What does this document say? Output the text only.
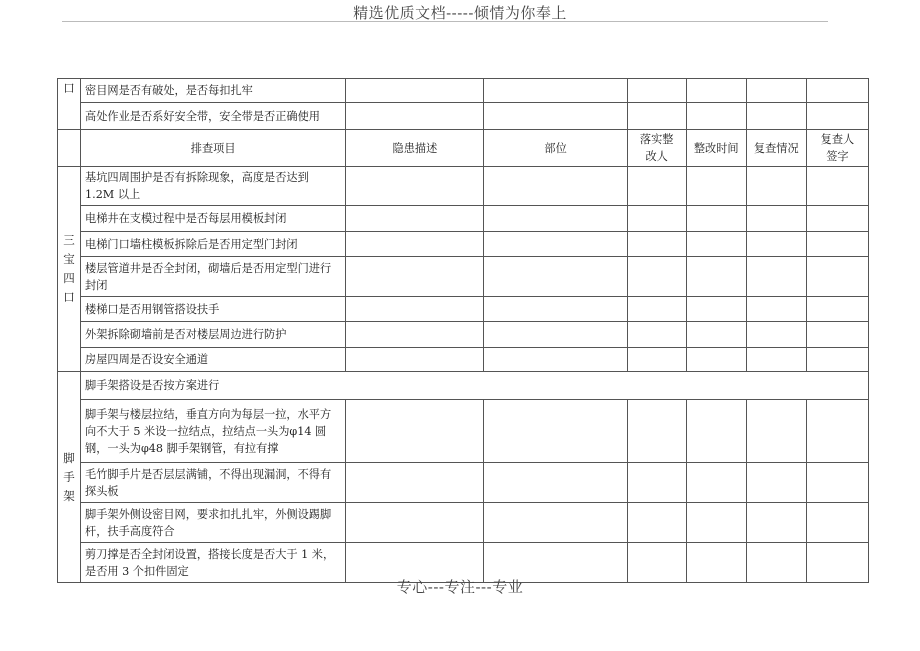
精选优质文档-----倾情为你奉上
口	密目网是否有破处，是否每扣扎牢						
	高处作业是否系好安全带，安全带是否正确使用						
	排查项目	隐患描述	部位	落实整改人	整改时间	复查情况	复查人签字
三宝四口	基坑四周围护是否有拆除现象，高度是否达到 1.2M 以上						
	电梯井在支模过程中是否每层用模板封闭						
	电梯门口墙柱模板拆除后是否用定型门封闭						
	楼层管道井是否全封闭，砌墙后是否用定型门进行封闭						
	楼梯口是否用钢管搭设扶手						
	外架拆除砌墙前是否对楼层周边进行防护						
	房屋四周是否设安全通道						
脚手架	脚手架搭设是否按方案进行						
	脚手架与楼层拉结，垂直方向为每层一拉，水平方向不大于 5 米设一拉结点，拉结点一头为φ14 圆钢，一头为φ48 脚手架钢管，有拉有撑						
	毛竹脚手片是否层层满铺，不得出现漏洞，不得有探头板						
	脚手架外侧设密目网，要求扣扎扎牢，外侧设踢脚杆，扶手高度符合						
	剪刀撑是否全封闭设置，搭接长度是否大于 1 米，是否用 3 个扣件固定						
专心---专注---专业
